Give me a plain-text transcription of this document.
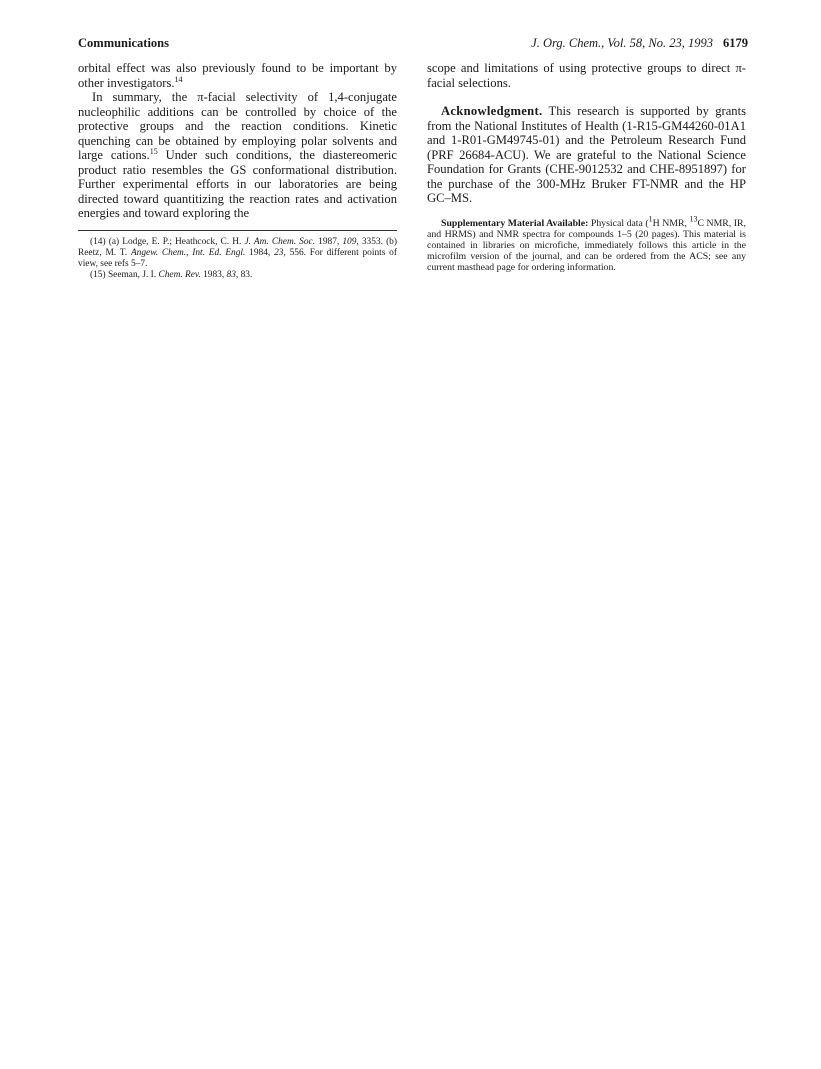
Communications	J. Org. Chem., Vol. 58, No. 23, 1993 6179

orbital effect was also previously found to be important by other investigators.$^{14}$

In summary, the π-facial selectivity of 1,4-conjugate nucleophilic additions can be controlled by choice of the protective groups and the reaction conditions. Kinetic quenching can be obtained by employing polar solvents and large cations.$^{15}$ Under such conditions, the diastereomeric product ratio resembles the GS conformational distribution. Further experimental efforts in our laboratories are being directed toward quantitizing the reaction rates and activation energies and toward exploring the

(14) (a) Lodge, E. P.; Heathcock, C. H. J. Am. Chem. Soc. 1987, 109, 3353. (b) Reetz, M. T. Angew. Chem., Int. Ed. Engl. 1984, 23, 556. For different points of view, see refs 5–7.

(15) Seeman, J. I. Chem. Rev. 1983, 83, 83.

scope and limitations of using protective groups to direct π-facial selections.

Acknowledgment. This research is supported by grants from the National Institutes of Health (1-R15-GM44260-01A1 and 1-R01-GM49745-01) and the Petroleum Research Fund (PRF 26684-ACU). We are grateful to the National Science Foundation for Grants (CHE-9012532 and CHE-8951897) for the purchase of the 300-MHz Bruker FT-NMR and the HP GC–MS.

Supplementary Material Available: Physical data ($^1$H NMR, $^{13}$C NMR, IR, and HRMS) and NMR spectra for compounds 1–5 (20 pages). This material is contained in libraries on microfiche, immediately follows this article in the microfilm version of the journal, and can be ordered from the ACS; see any current masthead page for ordering information.
